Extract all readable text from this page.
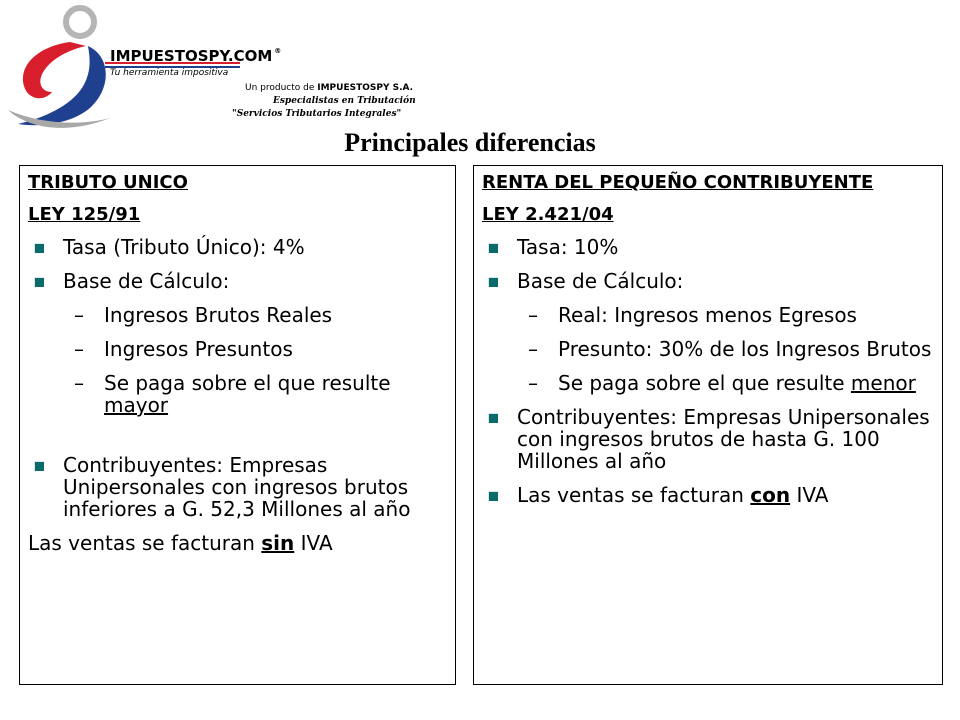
IMPUESTOSPY.COM ®
Tu herramienta impositiva
Un producto de IMPUESTOSPY S.A.
Especialistas en Tributación
"Servicios Tributarios Integrales"
Principales diferencias
TRIBUTO UNICO
LEY 125/91
Tasa (Tributo Único): 4%
Base de Cálculo:
– Ingresos Brutos Reales
– Ingresos Presuntos
– Se paga sobre el que resulte mayor
Contribuyentes: Empresas Unipersonales con ingresos brutos inferiores a G. 52,3 Millones al año
Las ventas se facturan sin IVA
RENTA DEL PEQUEÑO CONTRIBUYENTE
LEY 2.421/04
Tasa: 10%
Base de Cálculo:
– Real: Ingresos menos Egresos
– Presunto: 30% de los Ingresos Brutos
– Se paga sobre el que resulte menor
Contribuyentes: Empresas Unipersonales con ingresos brutos de hasta G. 100 Millones al año
Las ventas se facturan con IVA
